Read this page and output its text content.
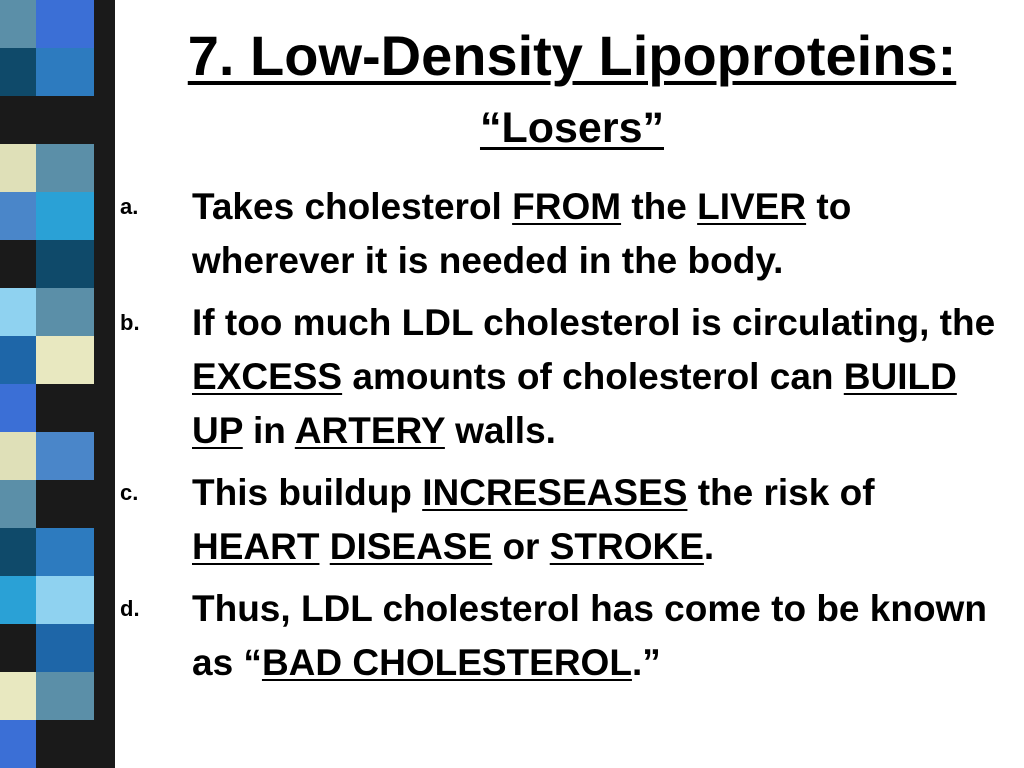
7. Low-Density Lipoproteins:
“Losers”
a. Takes cholesterol FROM the LIVER to wherever it is needed in the body.
b. If too much LDL cholesterol is circulating, the EXCESS amounts of cholesterol can BUILD UP in ARTERY walls.
c. This buildup INCRESEASES the risk of HEART DISEASE or STROKE.
d. Thus, LDL cholesterol has come to be known as “BAD CHOLESTEROL.”
